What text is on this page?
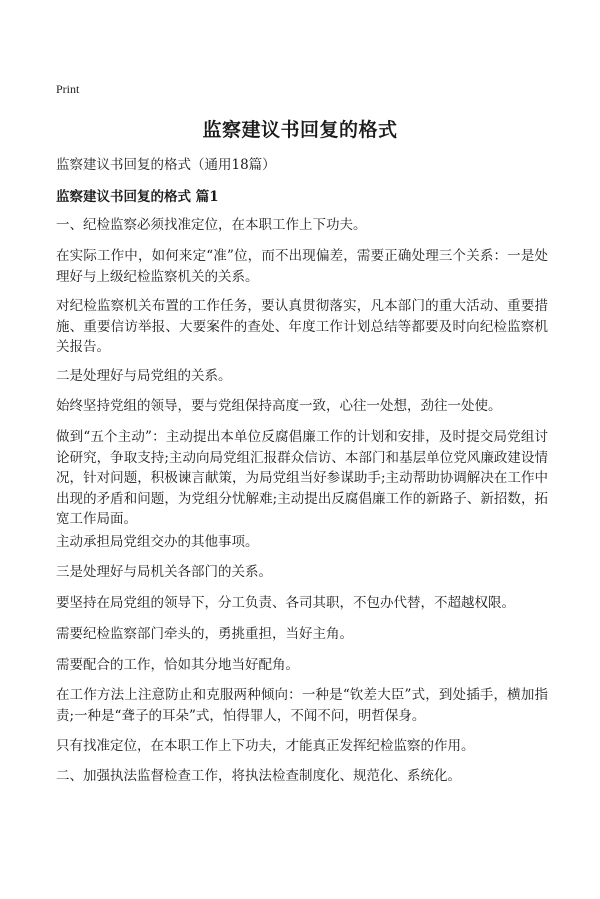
Print
监察建议书回复的格式
监察建议书回复的格式（通用18篇）
监察建议书回复的格式 篇1
一、纪检监察必须找准定位，在本职工作上下功夫。
在实际工作中，如何来定“准”位，而不出现偏差，需要正确处理三个关系：一是处理好与上级纪检监察机关的关系。
对纪检监察机关布置的工作任务，要认真贯彻落实，凡本部门的重大活动、重要措施、重要信访举报、大要案件的查处、年度工作计划总结等都要及时向纪检监察机关报告。
二是处理好与局党组的关系。
始终坚持党组的领导，要与党组保持高度一致，心往一处想，劲往一处使。
做到“五个主动”：主动提出本单位反腐倡廉工作的计划和安排，及时提交局党组讨论研究，争取支持;主动向局党组汇报群众信访、本部门和基层单位党风廉政建设情况，针对问题，积极谏言献策，为局党组当好参谋助手;主动帮助协调解决在工作中出现的矛盾和问题，为党组分忧解难;主动提出反腐倡廉工作的新路子、新招数，拓宽工作局面。
主动承担局党组交办的其他事项。
三是处理好与局机关各部门的关系。
要坚持在局党组的领导下，分工负责、各司其职，不包办代替，不超越权限。
需要纪检监察部门牵头的，勇挑重担，当好主角。
需要配合的工作，恰如其分地当好配角。
在工作方法上注意防止和克服两种倾向：一种是“钦差大臣”式，到处插手，横加指责;一种是“聋子的耳朵”式，怕得罪人，不闻不问，明哲保身。
只有找准定位，在本职工作上下功夫，才能真正发挥纪检监察的作用。
二、加强执法监督检查工作，将执法检查制度化、规范化、系统化。
